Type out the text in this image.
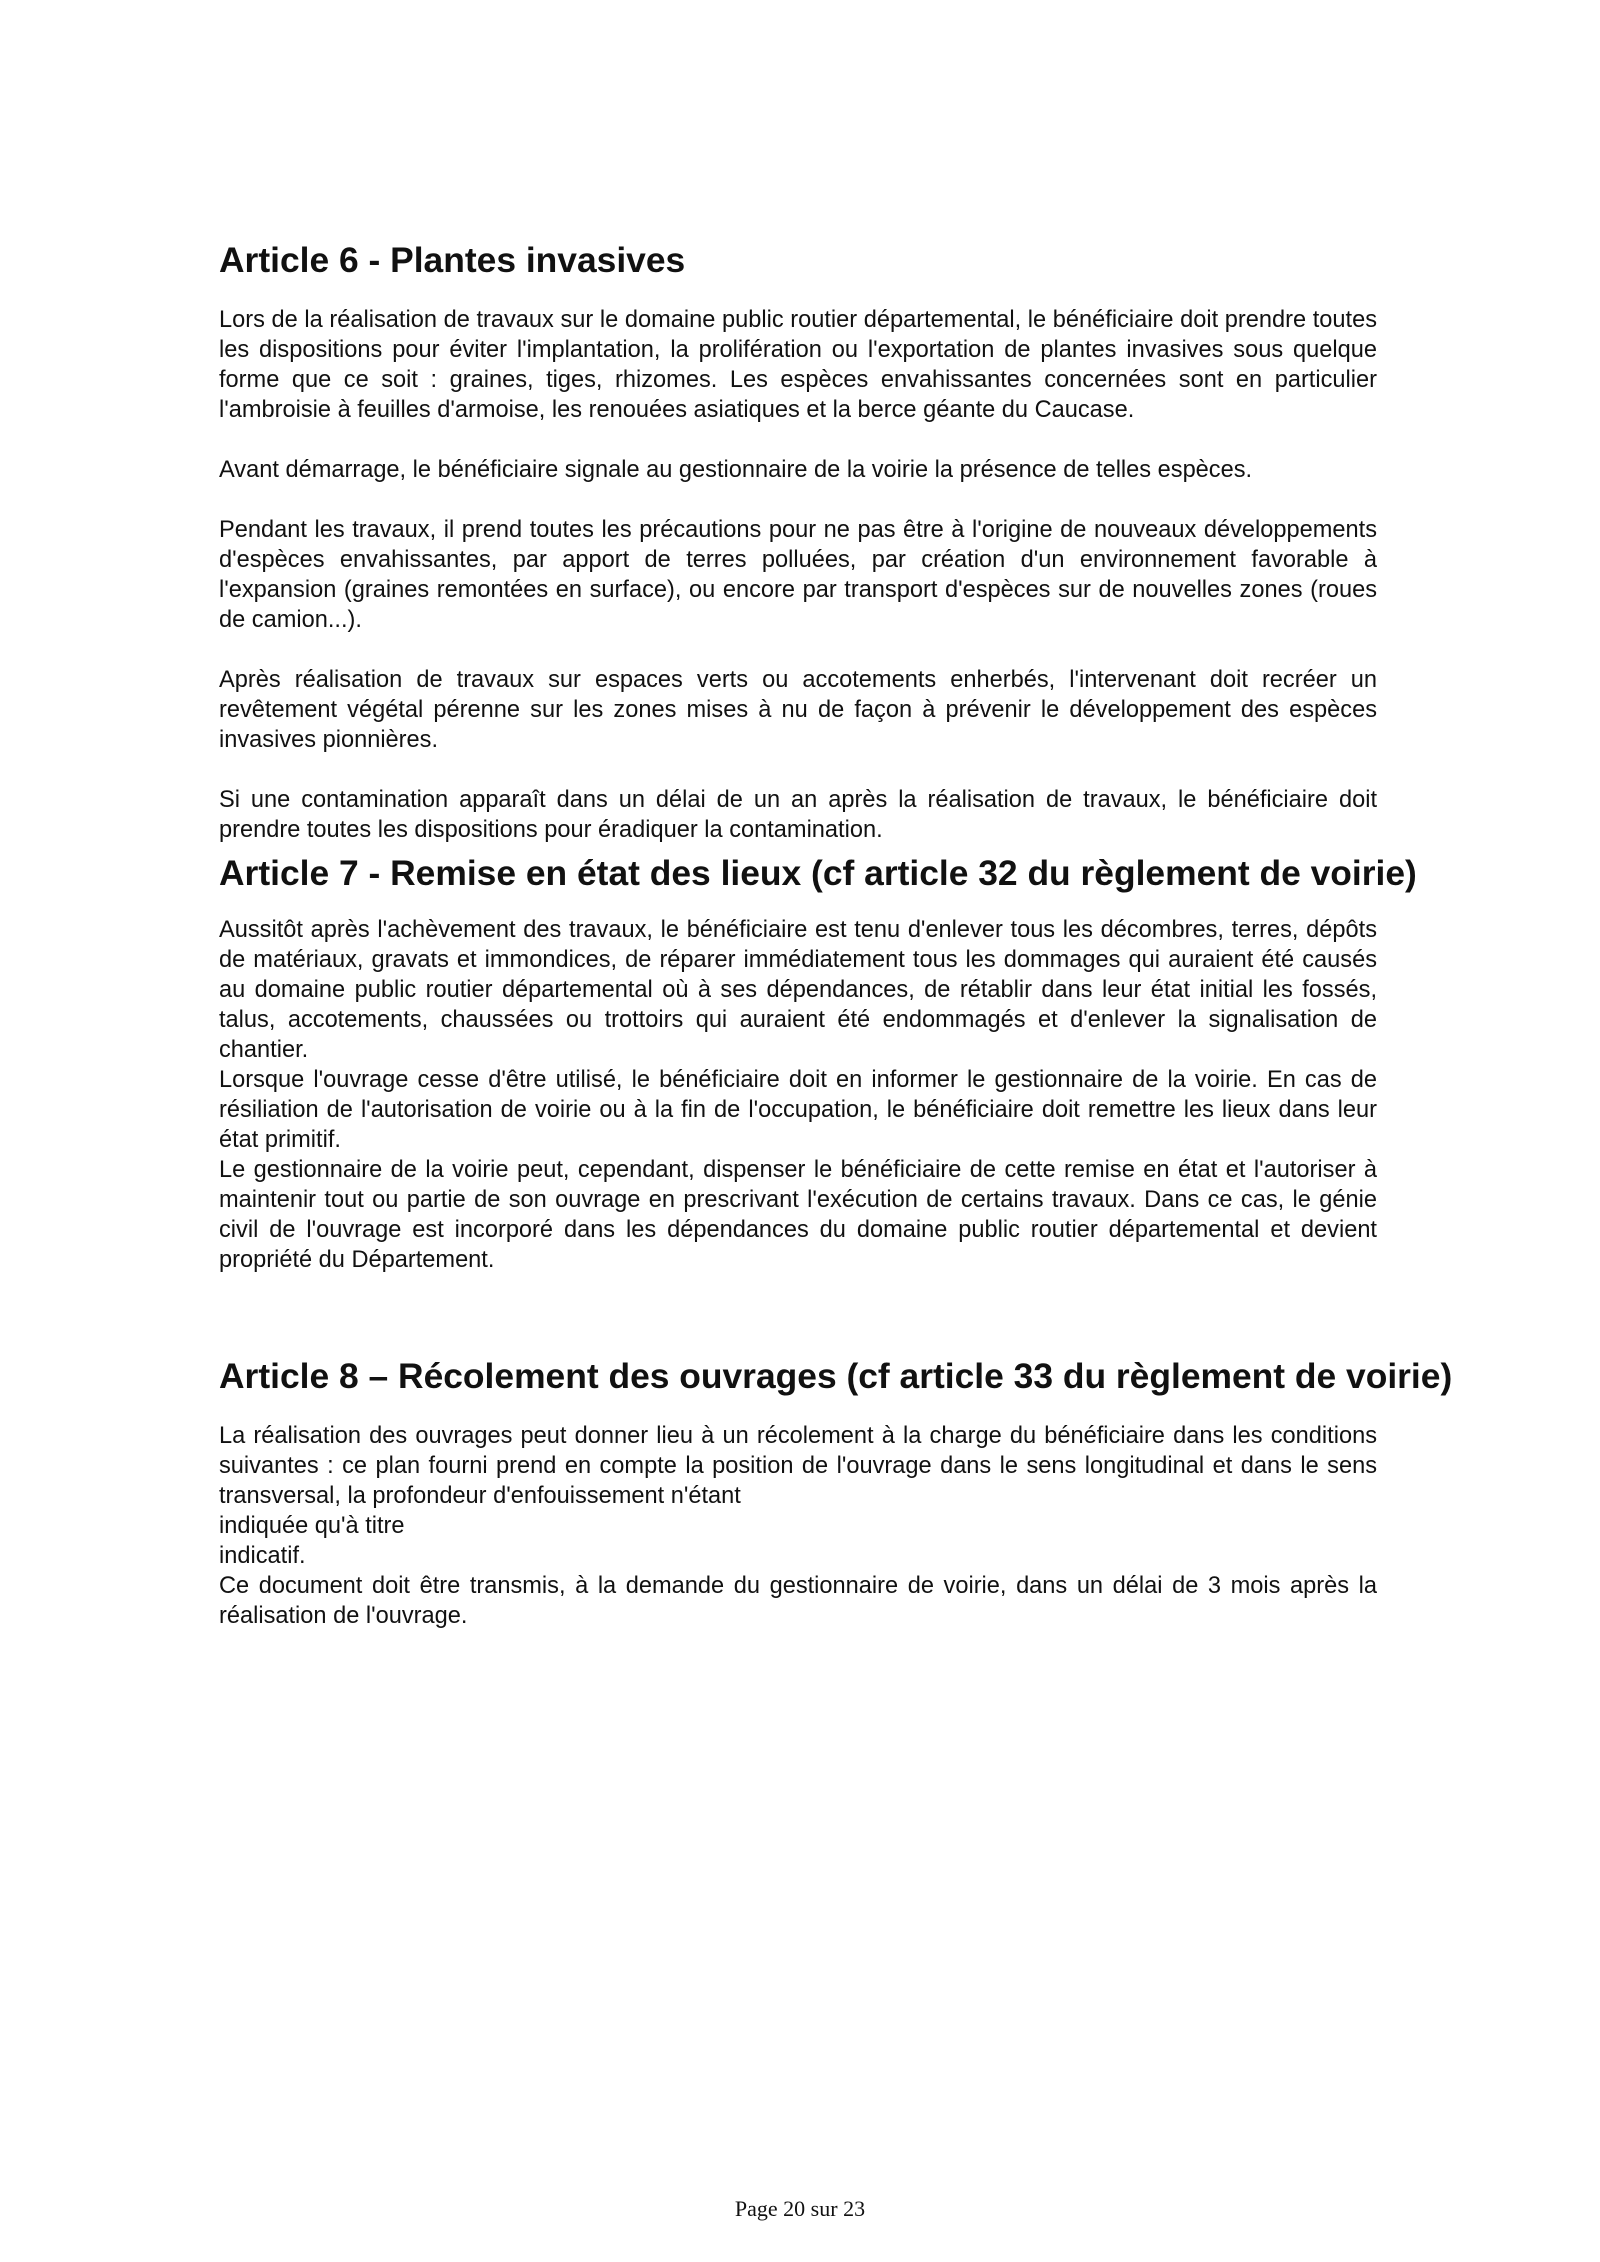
Article 6 - Plantes invasives

Lors de la réalisation de travaux sur le domaine public routier départemental, le bénéficiaire doit prendre toutes les dispositions pour éviter l'implantation, la prolifération ou l'exportation de plantes invasives sous quelque forme que ce soit : graines, tiges, rhizomes. Les espèces envahissantes concernées sont en particulier l'ambroisie à feuilles d'armoise, les renouées asiatiques et la berce géante du Caucase.

Avant démarrage, le bénéficiaire signale au gestionnaire de la voirie la présence de telles espèces.

Pendant les travaux, il prend toutes les précautions pour ne pas être à l'origine de nouveaux développements d'espèces envahissantes, par apport de terres polluées, par création d'un environnement favorable à l'expansion (graines remontées en surface), ou encore par transport d'espèces sur de nouvelles zones (roues de camion...).

Après réalisation de travaux sur espaces verts ou accotements enherbés, l'intervenant doit recréer un revêtement végétal pérenne sur les zones mises à nu de façon à prévenir le développement des espèces invasives pionnières.

Si une contamination apparaît dans un délai de un an après la réalisation de travaux, le bénéficiaire doit prendre toutes les dispositions pour éradiquer la contamination.

Article 7 - Remise en état des lieux (cf article 32 du règlement de voirie)

Aussitôt après l'achèvement des travaux, le bénéficiaire est tenu d'enlever tous les décombres, terres, dépôts de matériaux, gravats et immondices, de réparer immédiatement tous les dommages qui auraient été causés au domaine public routier départemental où à ses dépendances, de rétablir dans leur état initial les fossés, talus, accotements, chaussées ou trottoirs qui auraient été endommagés et d'enlever la signalisation de chantier.

Lorsque l'ouvrage cesse d'être utilisé, le bénéficiaire doit en informer le gestionnaire de la voirie. En cas de résiliation de l'autorisation de voirie ou à la fin de l'occupation, le bénéficiaire doit remettre les lieux dans leur état primitif.

Le gestionnaire de la voirie peut, cependant, dispenser le bénéficiaire de cette remise en état et l'autoriser à maintenir tout ou partie de son ouvrage en prescrivant l'exécution de certains travaux. Dans ce cas, le génie civil de l'ouvrage est incorporé dans les dépendances du domaine public routier départemental et devient propriété du Département.

Article 8 – Récolement des ouvrages (cf article 33 du règlement de voirie)

La réalisation des ouvrages peut donner lieu à un récolement à la charge du bénéficiaire dans les conditions suivantes : ce plan fourni prend en compte la position de l'ouvrage dans le sens longitudinal et dans le sens transversal, la profondeur d'enfouissement n'étant

indiquée qu'à titre

indicatif.

Ce document doit être transmis, à la demande du gestionnaire de voirie, dans un délai de 3 mois après la réalisation de l'ouvrage.

Page 20 sur 23
